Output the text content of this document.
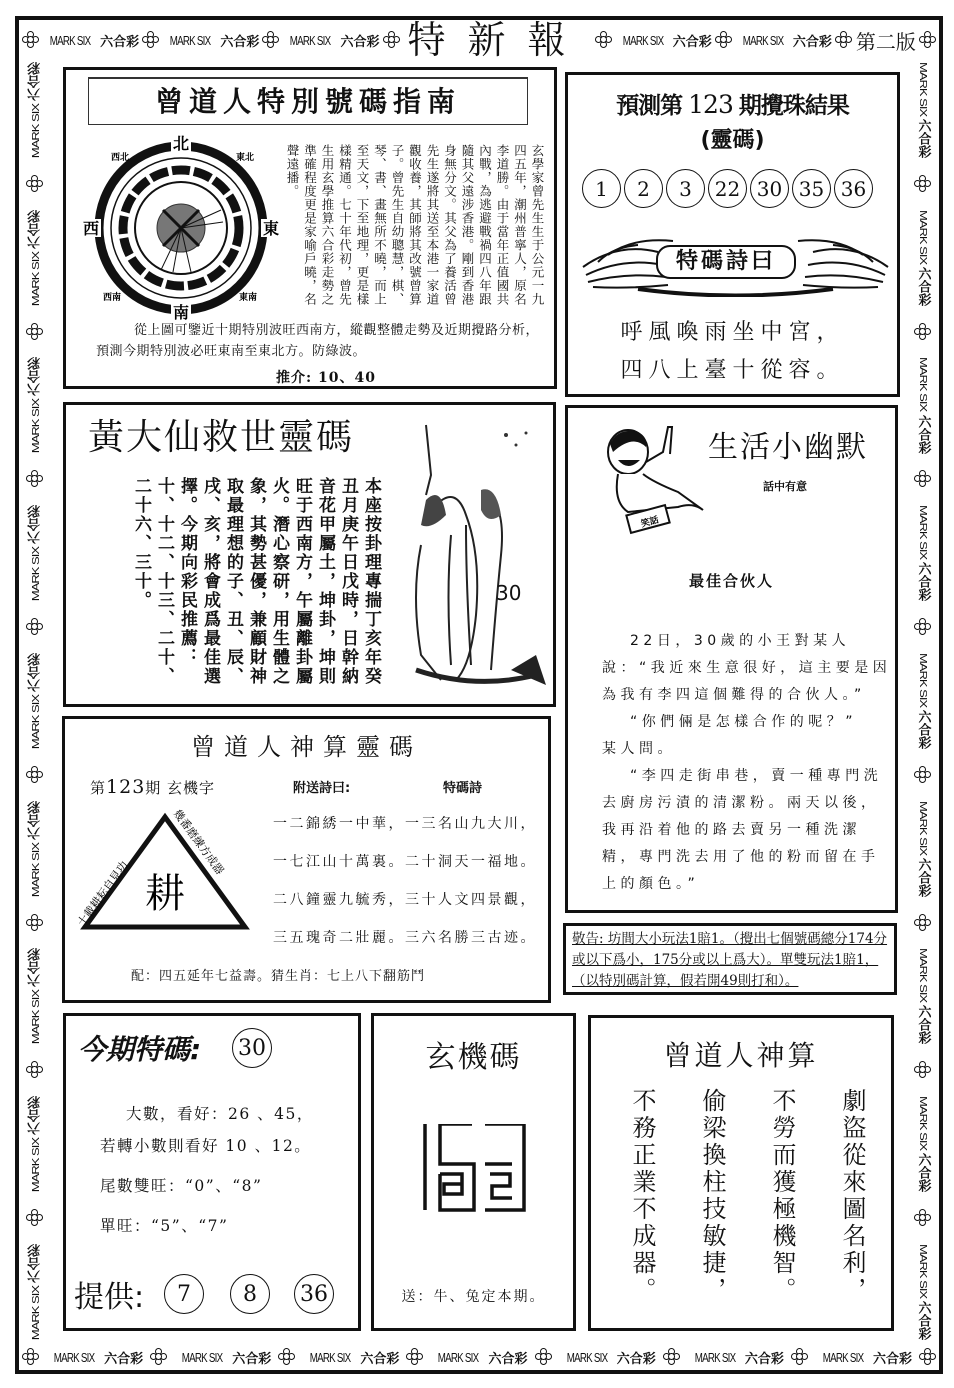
MARK SIX 六合彩 MARK SIX 六合彩 MARK SIX 六合彩 特新報	MARK SIX 六合彩 MARK SIX 六合彩 第二版
MARK SIX
六合彩
MARK SIX
六合彩
MARK SIX
六合彩
MARK SIX
六合彩
MARK SIX
六合彩
MARK SIX
六合彩
MARK SIX
六合彩
MARK SIX
六合彩
MARK SIX
六合彩
MARK SIX
六合彩
MARK SIX
六合彩
MARK SIX
六合彩
MARK SIX
六合彩
MARK SIX
六合彩
MARK SIX
六合彩
MARK SIX
六合彩
MARK SIX
六合彩
MARK SIX
六合彩
MARK SIX 六合彩	MARK SIX 六合彩	MARK SIX 六合彩	MARK SIX 六合彩	MARK SIX 六合彩	MARK SIX 六合彩	MARK SIX 六合彩
曾道人特別號碼指南
北
南
西	東
西北	東北
西南	東南	玄學家曾先生生于公元一九四五年，潮州普寧人，原名李道勝。由于當年正值國共內戰，為逃避戰禍四八年跟隨其父遠涉香港。剛到香港身無分文。其父為了養活曾先生遂將其送至本港一家道觀收養，其師將其改號曾算子。曾先生自幼聰慧，棋、琴、書、畫無所不曉，而上至天文，下至地理，更是樣樣精通。七十年代初，曾先生用玄學推算六合彩走勢之準確程度更是家喻戶曉，名聲遠播。
從上圖可鑒近十期特別波旺西南方，縱觀整體走勢及近期攪路分析，預測今期特別波必旺東南至東北方。防綠波。
推介: 10、40
預測第 123 期攪珠結果
(靈碼)
1	2	3	22 30 35 36
特碼詩曰
呼風喚雨坐中宮，
四八上臺十從容。
黃大仙救世靈碼
本座按卦理專揣丁亥年癸丑月庚午日戊時，日幹納音花甲屬土，坤卦，坤則旺于西南方，午屬離卦屬火。潛心察研，用生體之象，其勢甚優，兼顧財神取最理想的子、丑、辰、戌、亥，將會成爲最佳選擇。今期向彩民推薦：十、十二、十三、二十、二十六、三十。	30
笑話
生活小幽默
話中有意
最佳合伙人

22日，30歲的小王對某人說：“我近來生意很好，這主要是因為我有李四這個難得的合伙人。”

“你們倆是怎樣合作的呢？”

某人問。

“李四走街串巷，賣一種專門洗去廚房污漬的清潔粉。兩天以後，我再沿着他的路去賣另一種洗潔精，專門洗去用了他的粉而留在手上的顏色。”

曾道人神算靈碼
第123期 玄機字	附送詩曰:	特碼詩
耕
十載耕耘自見功
幾番磨練方成器	一二錦綉一中華，一三名山九大川，
一七江山十萬裏。二十洞天一福地。
二八鐘靈九毓秀，三十人文四景觀，
三五瑰奇二壯麗。三六名勝三古迹。
配：四五延年七益壽。猜生肖：七上八下翻筋鬥
敬告: 坊間大小玩法1賠1。（攪出七個號碼總分174分或以下爲小，175分或以上爲大）。單雙玩法1賠1，（以特別碼計算，假若開49則打和）。
今期特碼: 30
大數，看好：26 、45，
若轉小數則看好 10 、12。
尾數雙旺：“0”、“8”
單旺：“5”、“7”
提供:	7	8	36
玄機碼
送：牛、兔定本期。
曾道人神算
劇盜從來圖名利，
不勞而獲極機智。
偷梁換柱技敏捷，
不務正業不成器。
